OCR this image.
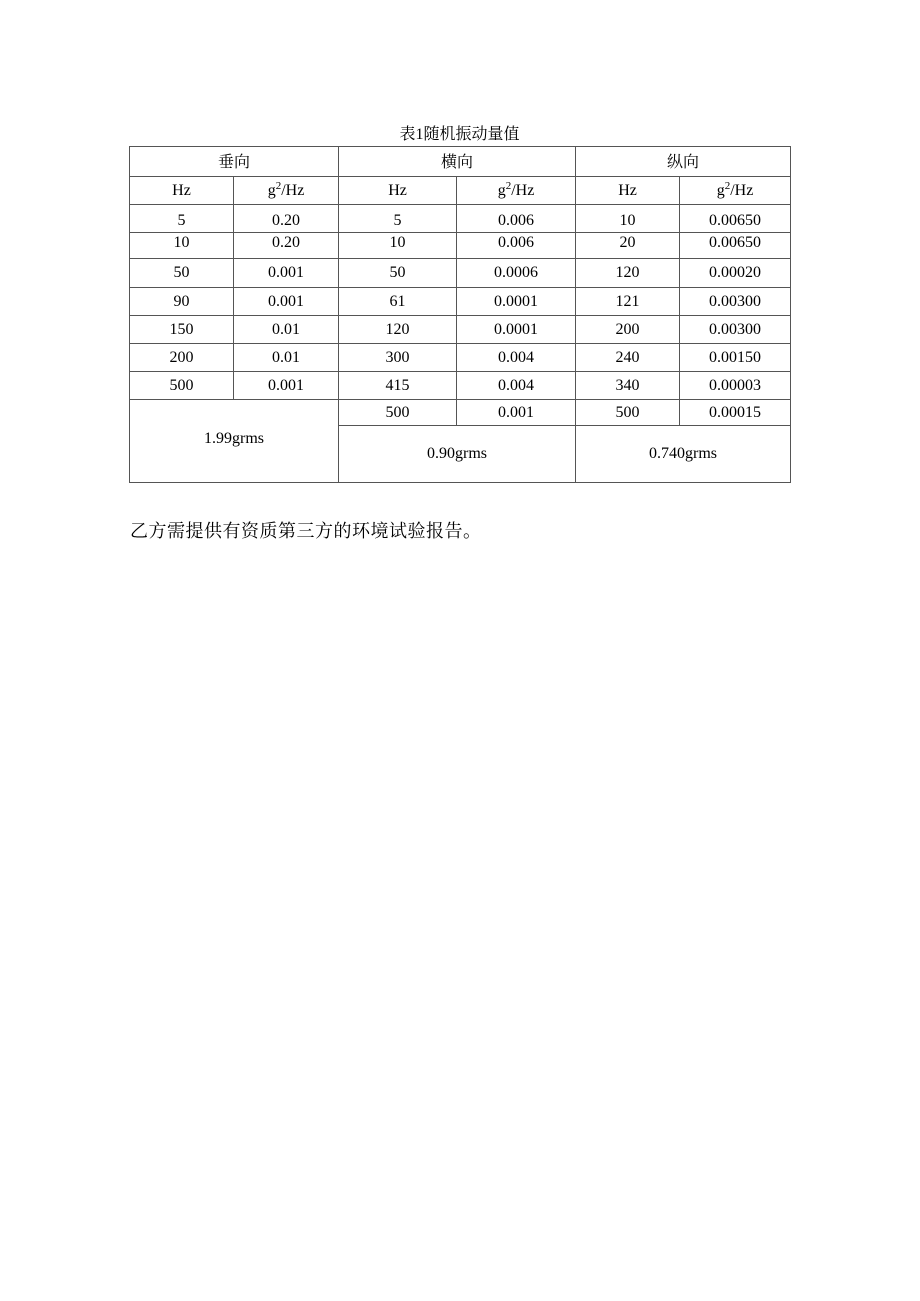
表1随机振动量值
垂向		横向		纵向	
Hz	$g^2/Hz$	Hz	$g^2/Hz$	Hz	$g^2/Hz$
5	0.20	5	0.006	10	0.00650
10	0.20	10	0.006	20	0.00650
50	0.001	50	0.0006	120	0.00020
90	0.001	61	0.0001	121	0.00300
150	0.01	120	0.0001	200	0.00300
200	0.01	300	0.004	240	0.00150
500	0.001	415	0.004	340	0.00003
1.99grms		500	0.001	500	0.00015
		0.90grms		0.740grms	
乙方需提供有资质第三方的环境试验报告。
